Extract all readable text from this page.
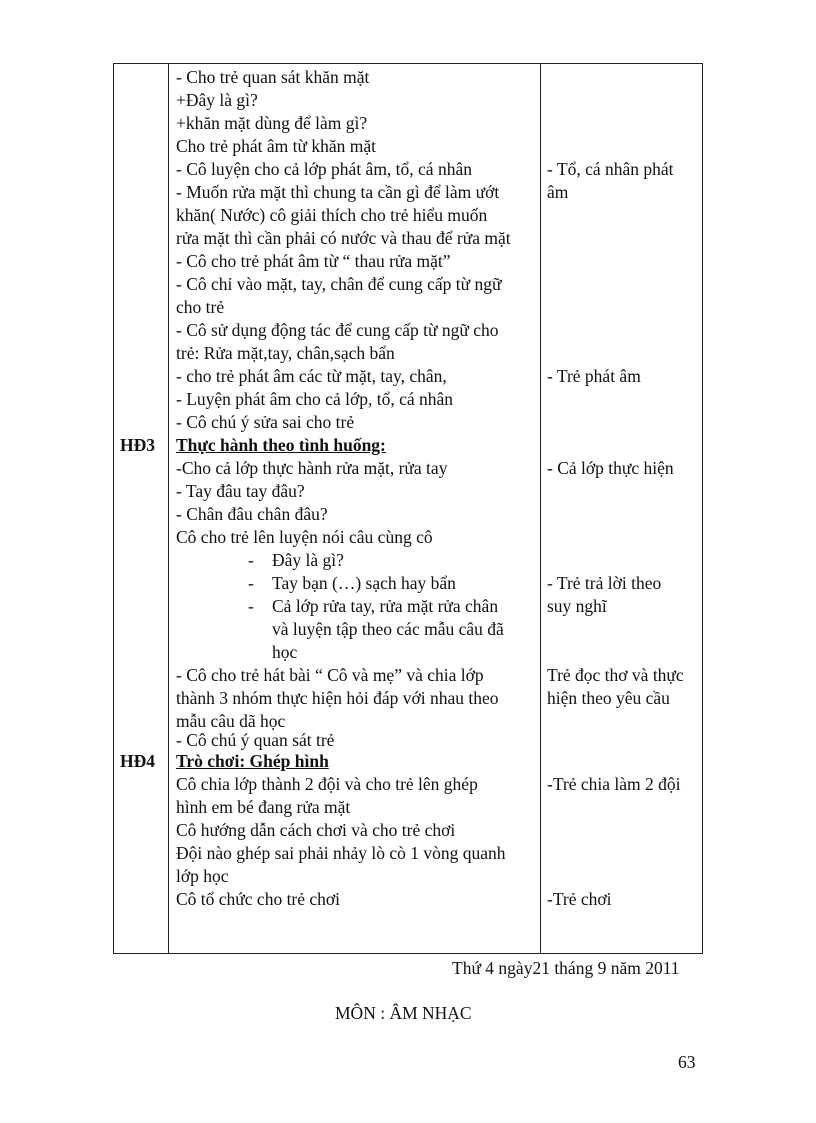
HĐ3
HĐ4
- Cho trẻ quan sát khăn mặt
+Đây là gì?
+khăn mặt dùng để làm gì?
Cho trẻ phát âm từ khăn mặt
- Cô luyện cho cả lớp phát âm, tổ, cá nhân
- Muốn rửa mặt thì chung ta cần gì để làm ướt
khăn( Nước) cô giải thích cho trẻ hiểu muốn
rửa mặt thì cần phải có nước và thau để rửa mặt
- Cô cho trẻ phát âm từ “ thau rửa mặt”
- Cô chỉ vào mặt, tay, chân để cung cấp từ ngữ
cho trẻ
- Cô sử dụng động tác để cung cấp từ ngữ cho
trẻ: Rửa mặt,tay, chân,sạch bẩn
- cho trẻ phát âm các từ mặt, tay, chân,
- Luyện phát âm cho cả lớp, tổ, cá nhân
- Cô chú ý sửa sai cho trẻ
Thực hành theo tình huống:
-Cho cả lớp thực hành rửa mặt, rửa tay
- Tay đâu tay đâu?
- Chân đâu chân đâu?
Cô cho trẻ lên luyện nói câu cùng cô
- Đây là gì?
- Tay bạn (…) sạch hay bẩn
- Cả lớp rửa tay, rửa mặt rửa chân
và luyện tập theo các mẫu câu đã
học
- Cô cho trẻ hát bài “ Cô và mẹ” và chia lớp
thành 3 nhóm thực hiện hỏi đáp với nhau theo
mẫu câu dã học
- Cô chú ý quan sát trẻ
Trò chơi: Ghép hình
Cô chia lớp thành 2 đội và cho trẻ lên ghép
hình em bé đang rửa mặt
Cô hướng dẫn cách chơi và cho trẻ chơi
Đội nào ghép sai phải nhảy lò cò 1 vòng quanh
lớp học
Cô tổ chức cho trẻ chơi
- Tổ, cá nhân phát
âm
- Trẻ phát âm
- Cả lớp thực hiện
- Trẻ trả lời theo
suy nghĩ
Trẻ đọc thơ và thực
hiện theo yêu cầu
-Trẻ chia làm 2 đội
-Trẻ chơi
Thứ 4 ngày21 tháng 9 năm 2011
MÔN : ÂM NHẠC
63
